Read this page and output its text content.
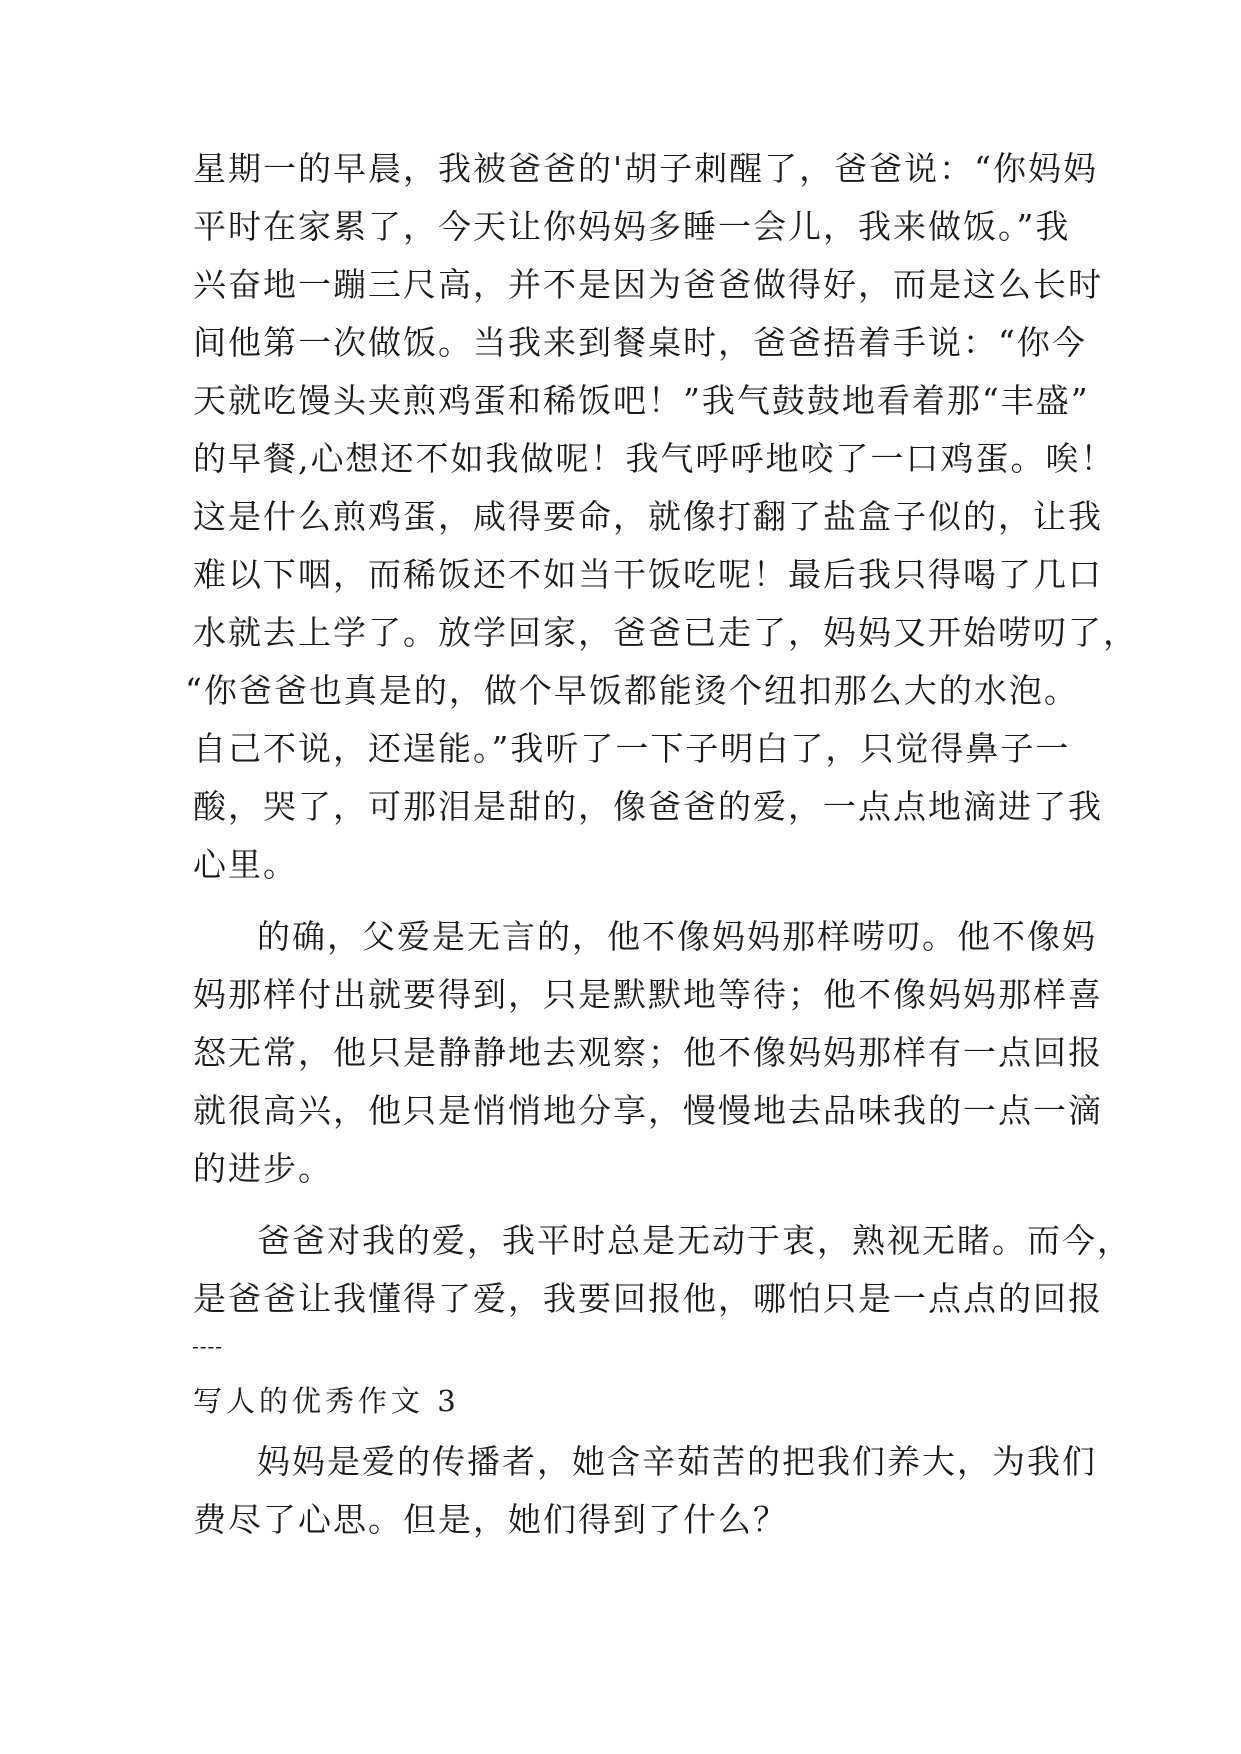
星期一的早晨，我被爸爸的'胡子刺醒了，爸爸说：“你妈妈
平时在家累了，今天让你妈妈多睡一会儿，我来做饭。”我
兴奋地一蹦三尺高，并不是因为爸爸做得好，而是这么长时
间他第一次做饭。当我来到餐桌时，爸爸捂着手说：“你今
天就吃馒头夹煎鸡蛋和稀饭吧！”我气鼓鼓地看着那“丰盛”
的早餐,心想还不如我做呢！我气呼呼地咬了一口鸡蛋。唉！
这是什么煎鸡蛋，咸得要命，就像打翻了盐盒子似的，让我
难以下咽，而稀饭还不如当干饭吃呢！最后我只得喝了几口
水就去上学了。放学回家，爸爸已走了，妈妈又开始唠叨了，
“你爸爸也真是的，做个早饭都能烫个纽扣那么大的水泡。
自己不说，还逞能。”我听了一下子明白了，只觉得鼻子一
酸，哭了，可那泪是甜的，像爸爸的爱，一点点地滴进了我
心里。
的确，父爱是无言的，他不像妈妈那样唠叨。他不像妈
妈那样付出就要得到，只是默默地等待；他不像妈妈那样喜
怒无常，他只是静静地去观察；他不像妈妈那样有一点回报
就很高兴，他只是悄悄地分享，慢慢地去品味我的一点一滴
的进步。
爸爸对我的爱，我平时总是无动于衷，熟视无睹。而今，
是爸爸让我懂得了爱，我要回报他，哪怕只是一点点的回报
----
写人的优秀作文 3
妈妈是爱的传播者，她含辛茹苦的把我们养大，为我们
费尽了心思。但是，她们得到了什么？
